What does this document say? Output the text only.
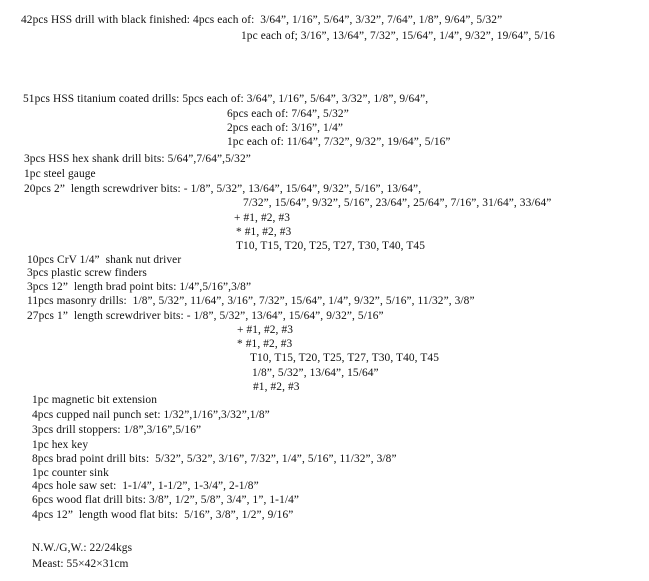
42pcs HSS drill with black finished: 4pcs each of:  3/64”, 1/16”, 5/64”, 3/32”, 7/64”, 1/8”, 9/64”, 5/32”
1pc each of; 3/16”, 13/64”, 7/32”, 15/64”, 1/4”, 9/32”, 19/64”, 5/16
51pcs HSS titanium coated drills: 5pcs each of: 3/64”, 1/16”, 5/64”, 3/32”, 1/8”, 9/64”,
6pcs each of: 7/64”, 5/32”
2pcs each of: 3/16”, 1/4”
1pc each of: 11/64”, 7/32”, 9/32”, 19/64”, 5/16”
3pcs HSS hex shank drill bits: 5/64”,7/64”,5/32”
1pc steel gauge
20pcs 2”  length screwdriver bits: - 1/8”, 5/32”, 13/64”, 15/64”, 9/32”, 5/16”, 13/64”,
7/32”, 15/64”, 9/32”, 5/16”, 23/64”, 25/64”, 7/16”, 31/64”, 33/64”
+ #1, #2, #3
* #1, #2, #3
T10, T15, T20, T25, T27, T30, T40, T45
10pcs CrV 1/4”  shank nut driver
3pcs plastic screw finders
3pcs 12”  length brad point bits: 1/4”,5/16”,3/8”
11pcs masonry drills:  1/8”, 5/32”, 11/64”, 3/16”, 7/32”, 15/64”, 1/4”, 9/32”, 5/16”, 11/32”, 3/8”
27pcs 1”  length screwdriver bits: - 1/8”, 5/32”, 13/64”, 15/64”, 9/32”, 5/16”
+ #1, #2, #3
* #1, #2, #3
T10, T15, T20, T25, T27, T30, T40, T45
1/8”, 5/32”, 13/64”, 15/64”
#1, #2, #3
1pc magnetic bit extension
4pcs cupped nail punch set: 1/32”,1/16”,3/32”,1/8”
3pcs drill stoppers: 1/8”,3/16”,5/16”
1pc hex key
8pcs brad point drill bits:  5/32”, 5/32”, 3/16”, 7/32”, 1/4”, 5/16”, 11/32”, 3/8”
1pc counter sink
4pcs hole saw set:  1-1/4”, 1-1/2”, 1-3/4”, 2-1/8”
6pcs wood flat drill bits: 3/8”, 1/2”, 5/8”, 3/4”, 1”, 1-1/4”
4pcs 12”  length wood flat bits:  5/16”, 3/8”, 1/2”, 9/16”
N.W./G,W.: 22/24kgs
Meast: 55×42×31cm
